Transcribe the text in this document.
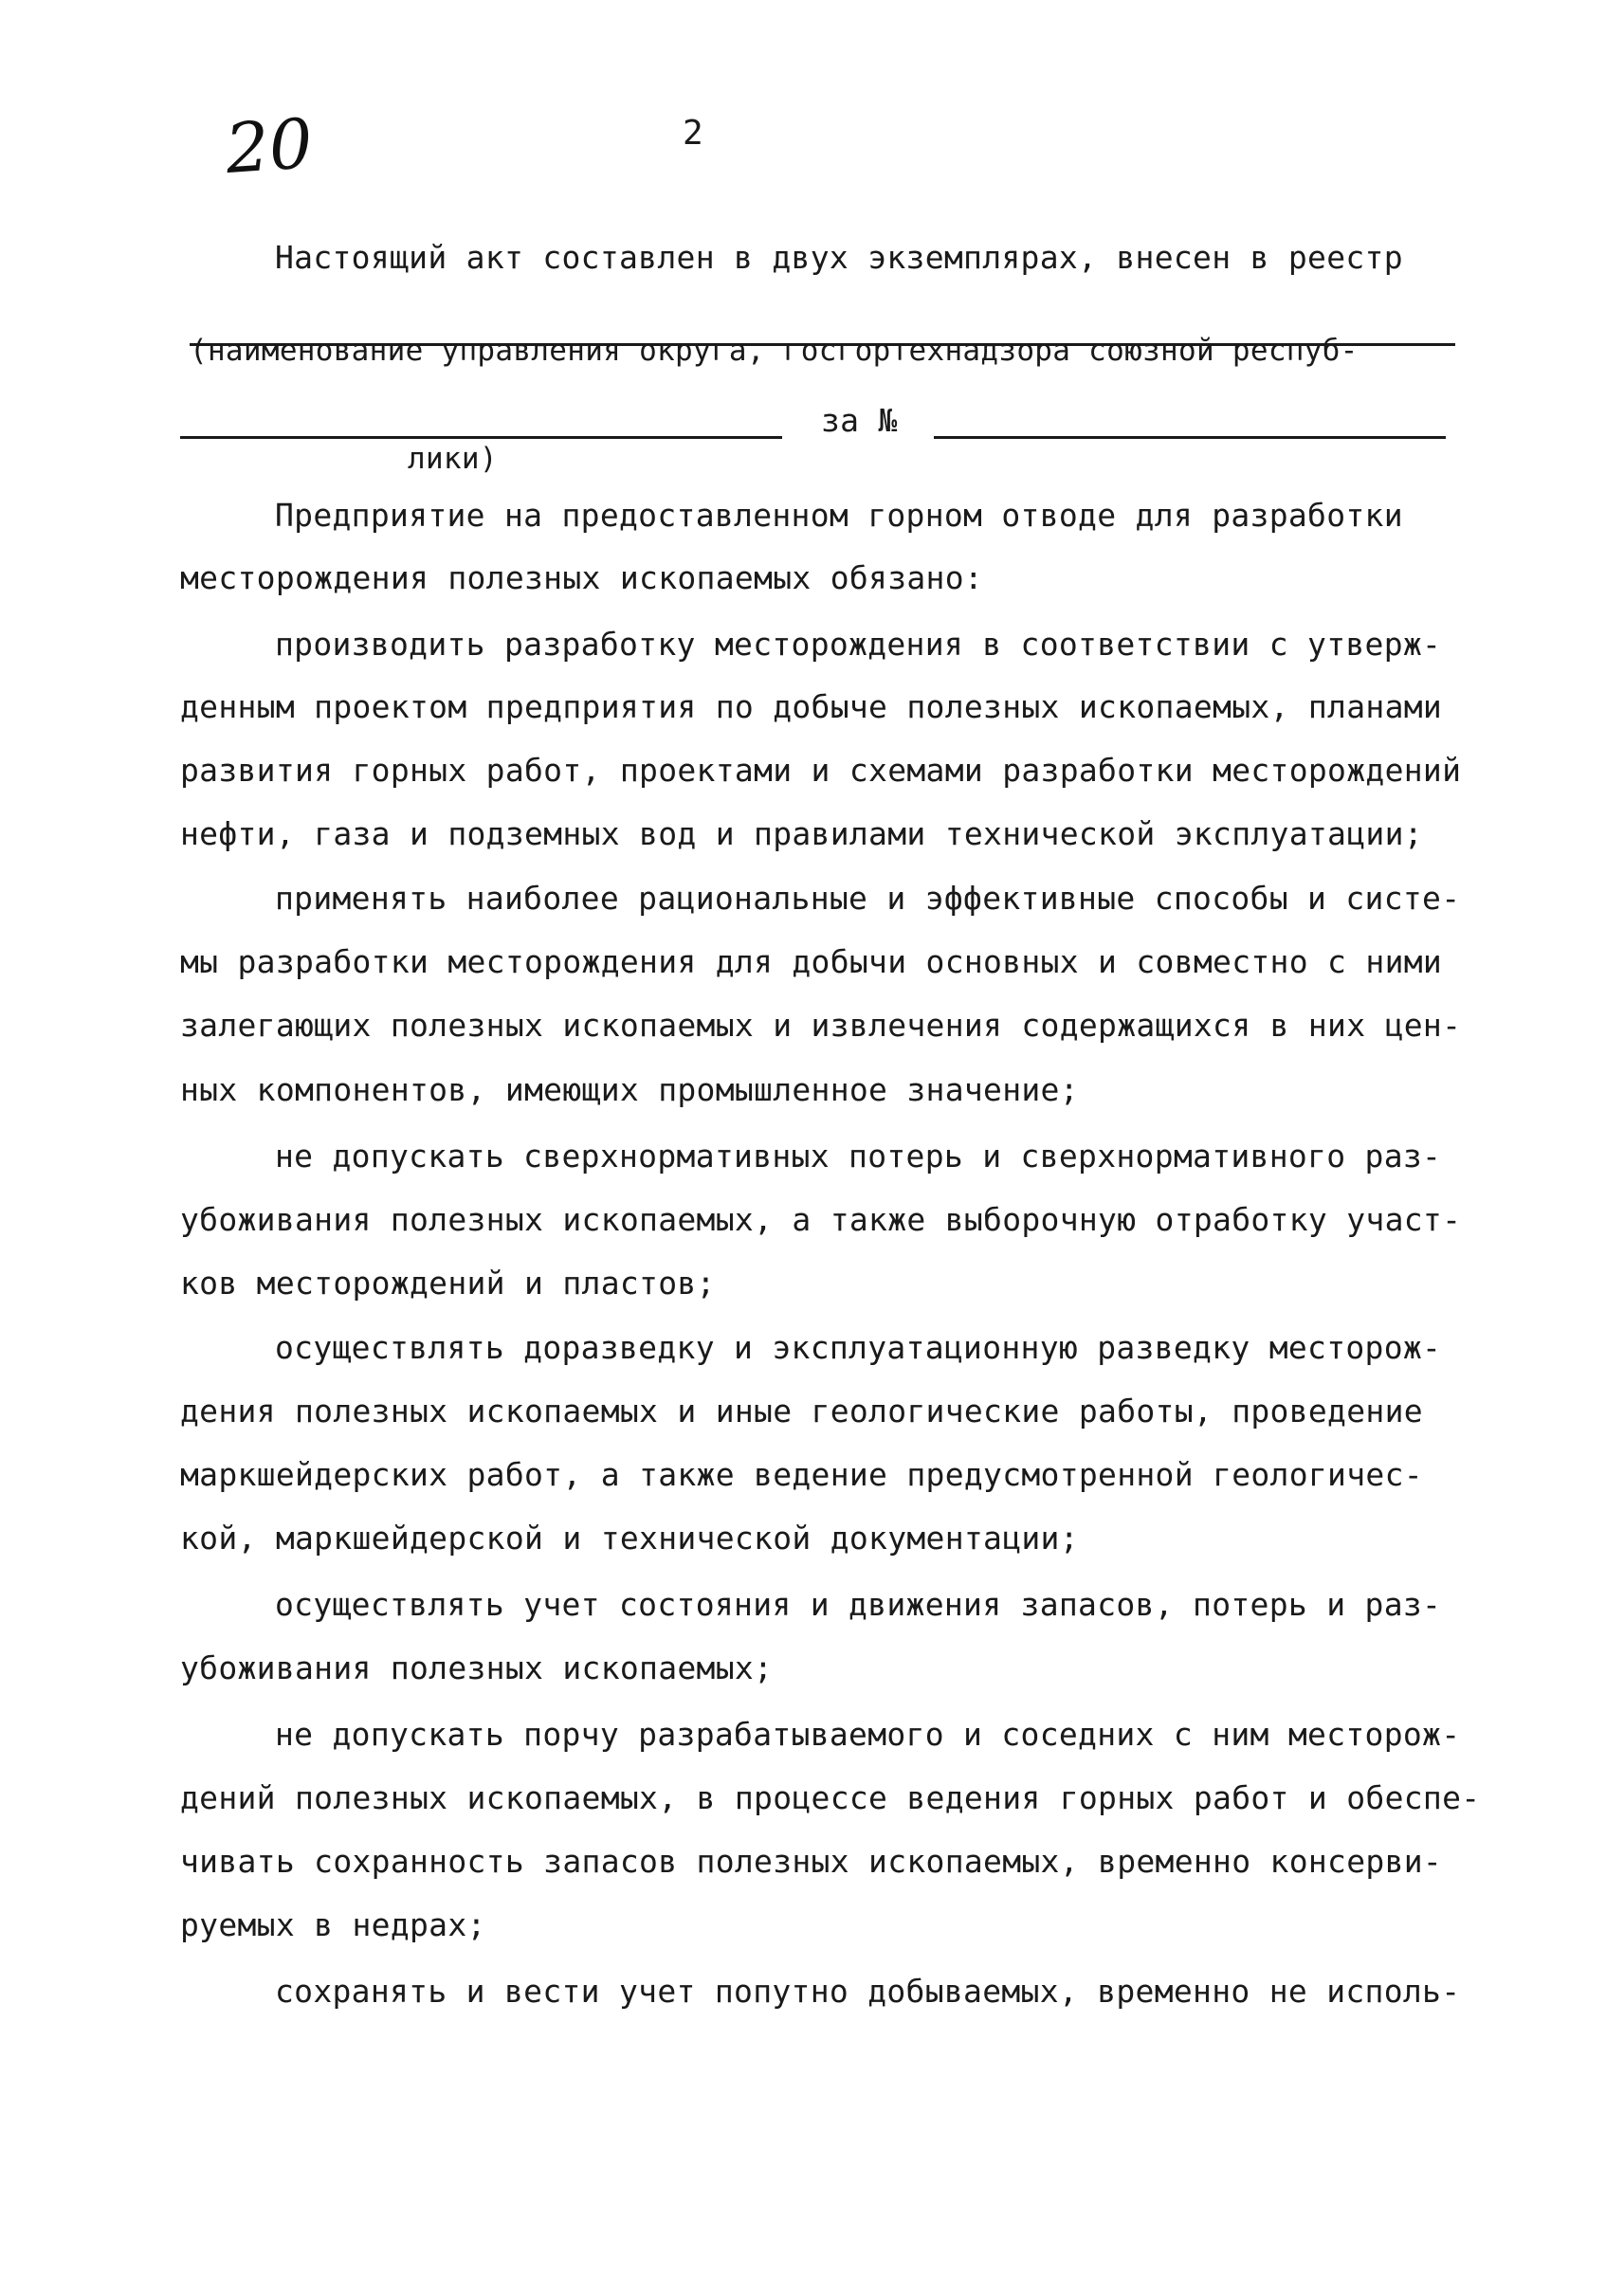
20	2
Настоящий акт составлен в двух экземплярах, внесен в реестр
(наименование управления округа, госгортехнадзора союзной респуб-
за №
лики)
Предприятие на предоставленном горном отводе для разработки
месторождения полезных ископаемых обязано:
производить разработку месторождения в соответствии с утверж-
денным проектом предприятия по добыче полезных ископаемых, планами
развития горных работ, проектами и схемами разработки месторождений
нефти, газа и подземных вод и правилами технической эксплуатации;
применять наиболее рациональные и эффективные способы и систе-
мы разработки месторождения для добычи основных и совместно с ними
залегающих полезных ископаемых и извлечения содержащихся в них цен-
ных компонентов, имеющих промышленное значение;
не допускать сверхнормативных потерь и сверхнормативного раз-
убоживания полезных ископаемых, а также выборочную отработку участ-
ков месторождений и пластов;
осуществлять доразведку и эксплуатационную разведку месторож-
дения полезных ископаемых и иные геологические работы, проведение
маркшейдерских работ, а также ведение предусмотренной геологичес-
кой, маркшейдерской и технической документации;
осуществлять учет состояния и движения запасов, потерь и раз-
убоживания полезных ископаемых;
не допускать порчу разрабатываемого и соседних с ним месторож-
дений полезных ископаемых, в процессе ведения горных работ и обеспе-
чивать сохранность запасов полезных ископаемых, временно консерви-
руемых в недрах;
сохранять и вести учет попутно добываемых, временно не исполь-
